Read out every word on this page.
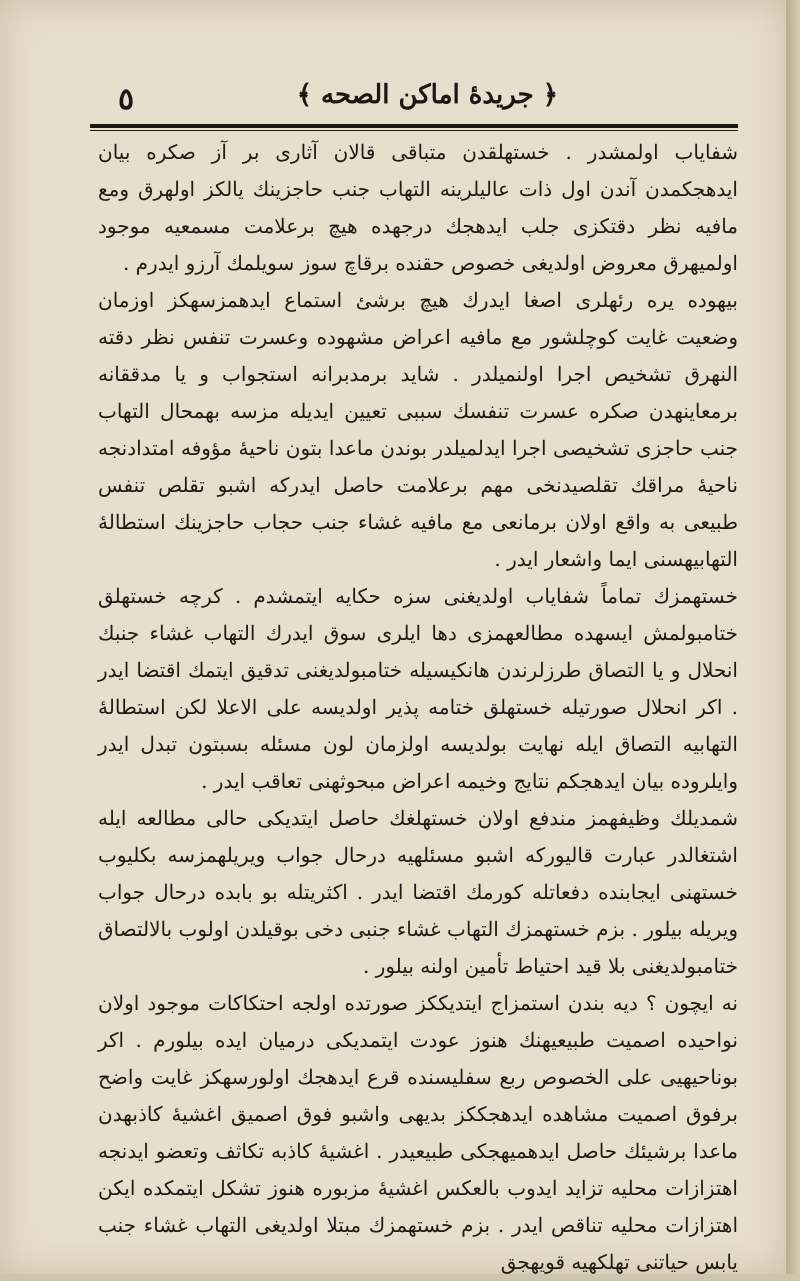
٥	﴿ جريدهٔ اماكن الصحه ﴾

شفاياب اولمشدر . خستهلقدن متباقى قالان آثارى بر آز صكره بيان ايدهجكمدن آندن اول ذات عاليلرينه التهاب جنب حاجزينك يالكز اولهرق ومع مافيه نظر دقتكزى جلب ايدهجك درجهده هيچ برعلامت مسمعيه موجود اولميهرق معروض اولديغى خصوص حقنده برقاچ سوز سويلمك آرزو ايدرم .

بيهوده يره رئهلرى اصغا ايدرك هيچ برشئ استماع ايدهمزسهكز اوزمان وضعيت غايت كوچلشور مع مافيه اعراض مشهوده وعسرت تنفس نظر دقته النهرق تشخيص اجرا اولنميلدر . شايد برمدبرانه استجواب و يا مدققانه برمعاينهدن صكره عسرت تنفسك سببى تعيين ايديله مزسه بهمحال التهاب جنب حاجزى تشخيصى اجرا ايدلميلدر بوندن ماعدا بتون ناحيهٔ مؤوفه امتدادنجه ناحيهٔ مراقك تقلصيدنخى مهم برعلامت حاصل ايدركه اشبو تقلص تنفس طبيعى به واقع اولان برمانعى مع مافيه غشاء جنب حجاب حاجزينك استطالهٔ التهابيهسنى ايما واشعار ايدر .

خستهمزك تماماً شفاياب اولديغنى سزه حكايه ايتمشدم . كرچه خستهلق ختامبولمش ايسهده مطالعهمزى دها ايلرى سوق ايدرك التهاب غشاء جنبك انحلال و يا التصاق طرزلرندن هانكيسيله ختامبولديغنى تدقيق ايتمك اقتضا ايدر . اكر انحلال صورتيله خستهلق ختامه پذير اولديسه على الاعلا لكن استطالهٔ التهابيه التصاق ايله نهايت بولديسه اولزمان لون مسئله بسبتون تبدل ايدر وايلروده بيان ايدهجكم نتايج وخيمه اعراض مبحوثهنى تعاقب ايدر .

شمدیلك وظيفهمز مندفع اولان خستهلغك حاصل ايتديكى حالى مطالعه ايله اشتغالدر عبارت قاليوركه اشبو مسئلهيه درحال جواب ويريلهمزسه بكليوب خستهنى ايجابنده دفعاتله كورمك اقتضا ايدر . اكثريتله بو بابده درحال جواب ويريله بيلور . بزم خستهمزك التهاب غشاء جنبى دخى بوقيلدن اولوب بالالتصاق ختامبولديغنى بلا قيد احتياط تأمين اولنه بيلور .

نه ايچون ؟ ديه بندن استمزاج ايتديككز صورتده اولجه احتكاكات موجود اولان نواحيده اصميت طبيعيهنك هنوز عودت ايتمديكى درميان ايده بيلورم . اكر بوناحيهيى على الخصوص ربع سفليسنده قرع ايدهجك اولورسهكز غايت واضح برفوق اصميت مشاهده ايدهجككز بديهى واشبو فوق اصميق اغشيهٔ كاذبهدن ماعدا برشيئك حاصل ايدهميهجكى طبيعيدر . اغشيهٔ كاذبه تكاثف وتعضو ايدنجه اهتزازات محليه تزايد ايدوب بالعكس اغشيهٔ مزبوره هنوز تشكل ايتمكده ايكن اهتزازات محليه تناقص ايدر . بزم خستهمزك مبتلا اولديغى التهاب غشاء جنب يابس حياتنى تهلكهيه قويهجق
